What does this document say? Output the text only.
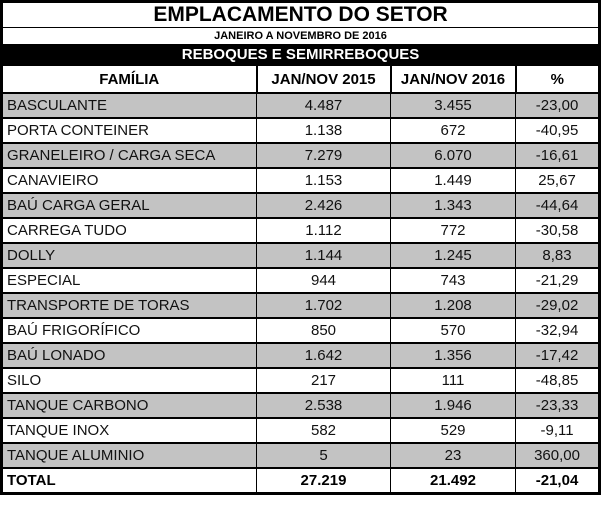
EMPLACAMENTO DO SETOR			
JANEIRO A NOVEMBRO DE 2016			
REBOQUES E SEMIRREBOQUES			
FAMÍLIA	JAN/NOV 2015	JAN/NOV 2016	%
BASCULANTE	4.487	3.455	-23,00
PORTA CONTEINER	1.138	672	-40,95
GRANELEIRO / CARGA SECA	7.279	6.070	-16,61
CANAVIEIRO	1.153	1.449	25,67
BAÚ CARGA GERAL	2.426	1.343	-44,64
CARREGA TUDO	1.112	772	-30,58
DOLLY	1.144	1.245	8,83
ESPECIAL	944	743	-21,29
TRANSPORTE DE TORAS	1.702	1.208	-29,02
BAÚ FRIGORÍFICO	850	570	-32,94
BAÚ LONADO	1.642	1.356	-17,42
SILO	217	111	-48,85
TANQUE CARBONO	2.538	1.946	-23,33
TANQUE INOX	582	529	-9,11
TANQUE ALUMINIO	5	23	360,00
TOTAL	27.219	21.492	-21,04
